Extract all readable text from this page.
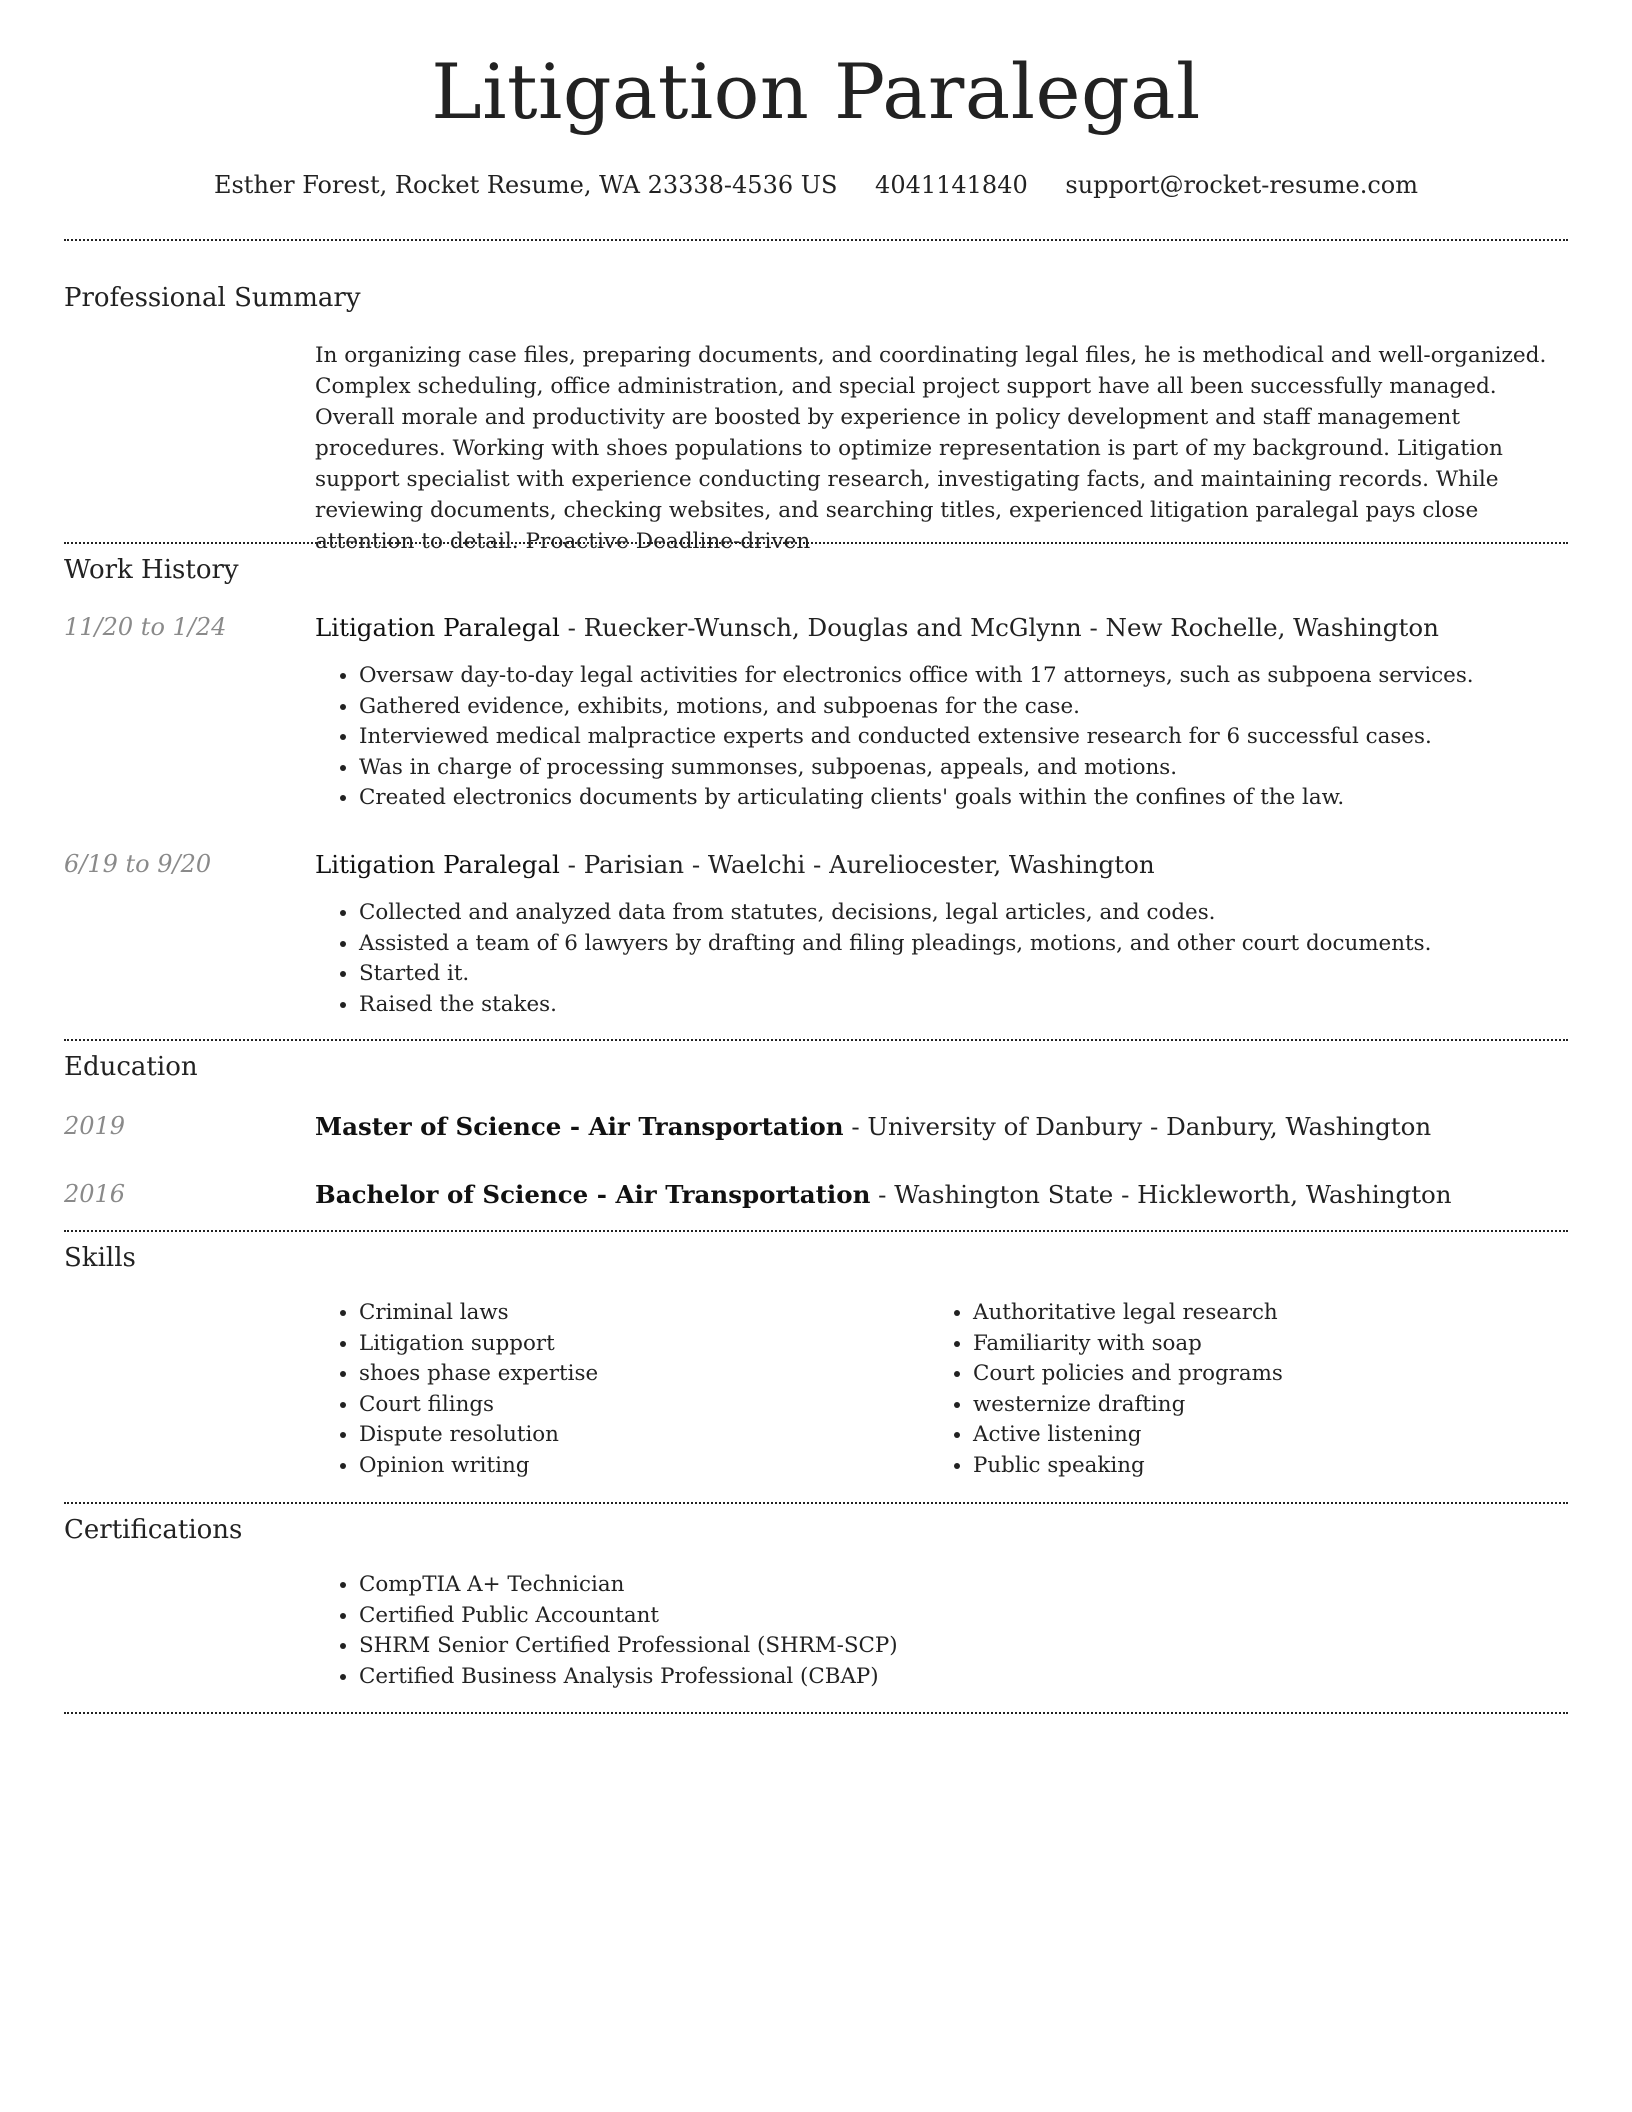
Litigation Paralegal
Esther Forest, Rocket Resume, WA 23338-4536 US 4041141840 support@rocket-resume.com
Professional Summary

In organizing case files, preparing documents, and coordinating legal files, he is methodical and well-organized. Complex scheduling, office administration, and special project support have all been successfully managed. Overall morale and productivity are boosted by experience in policy development and staff management procedures. Working with shoes populations to optimize representation is part of my background. Litigation support specialist with experience conducting research, investigating facts, and maintaining records. While reviewing documents, checking websites, and searching titles, experienced litigation paralegal pays close attention to detail. Proactive Deadline-driven

Work History
11/20 to 1/24	Litigation Paralegal - Ruecker-Wunsch, Douglas and McGlynn - New Rochelle, Washington
• Oversaw day-to-day legal activities for electronics office with 17 attorneys, such as subpoena services.
• Gathered evidence, exhibits, motions, and subpoenas for the case.
• Interviewed medical malpractice experts and conducted extensive research for 6 successful cases.
• Was in charge of processing summonses, subpoenas, appeals, and motions.
• Created electronics documents by articulating clients' goals within the confines of the law.
6/19 to 9/20	Litigation Paralegal - Parisian - Waelchi - Aureliocester, Washington
• Collected and analyzed data from statutes, decisions, legal articles, and codes.
• Assisted a team of 6 lawyers by drafting and filing pleadings, motions, and other court documents.
• Started it.
• Raised the stakes.
Education
2019	Master of Science - Air Transportation - University of Danbury - Danbury, Washington
2016	Bachelor of Science - Air Transportation - Washington State - Hickleworth, Washington
Skills
• Criminal laws
• Litigation support
• shoes phase expertise
• Court filings
• Dispute resolution
• Opinion writing
• Authoritative legal research
• Familiarity with soap
• Court policies and programs
• westernize drafting
• Active listening
• Public speaking
Certifications
• CompTIA A+ Technician
• Certified Public Accountant
• SHRM Senior Certified Professional (SHRM-SCP)
• Certified Business Analysis Professional (CBAP)
